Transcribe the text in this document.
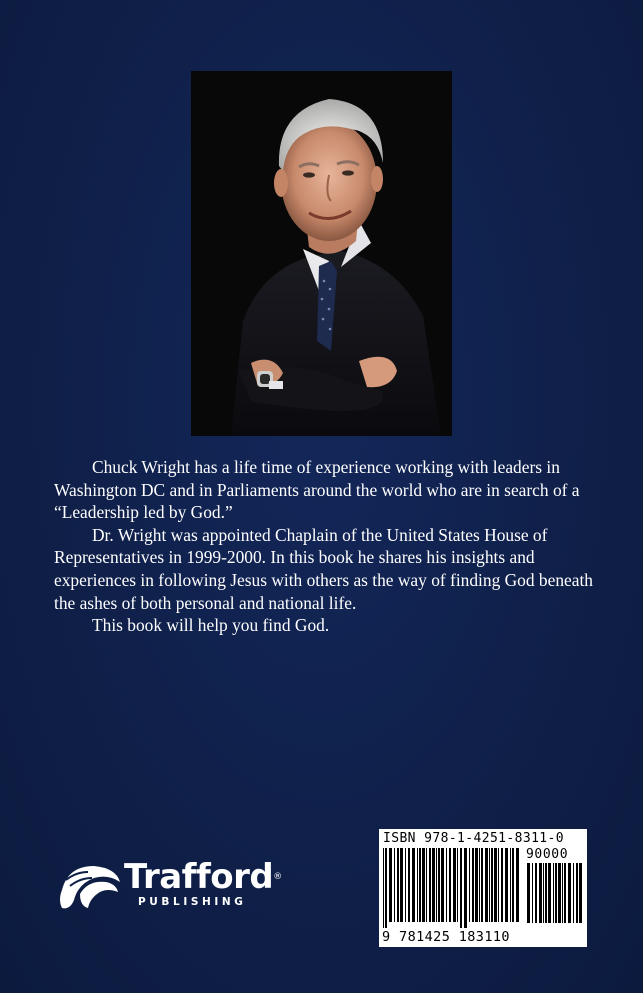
Chuck Wright has a life time of experience working with leaders in Washington DC and in Parliaments around the world who are in search of a “Leadership led by God.”

Dr. Wright was appointed Chaplain of the United States House of Representatives in 1999-2000. In this book he shares his insights and experiences in following Jesus with others as the way of finding God beneath the ashes of both personal and national life.

This book will help you find God.

Trafford®
PUBLISHING
ISBN 978-1-4251-8311-0
90000
9 781425 183110
